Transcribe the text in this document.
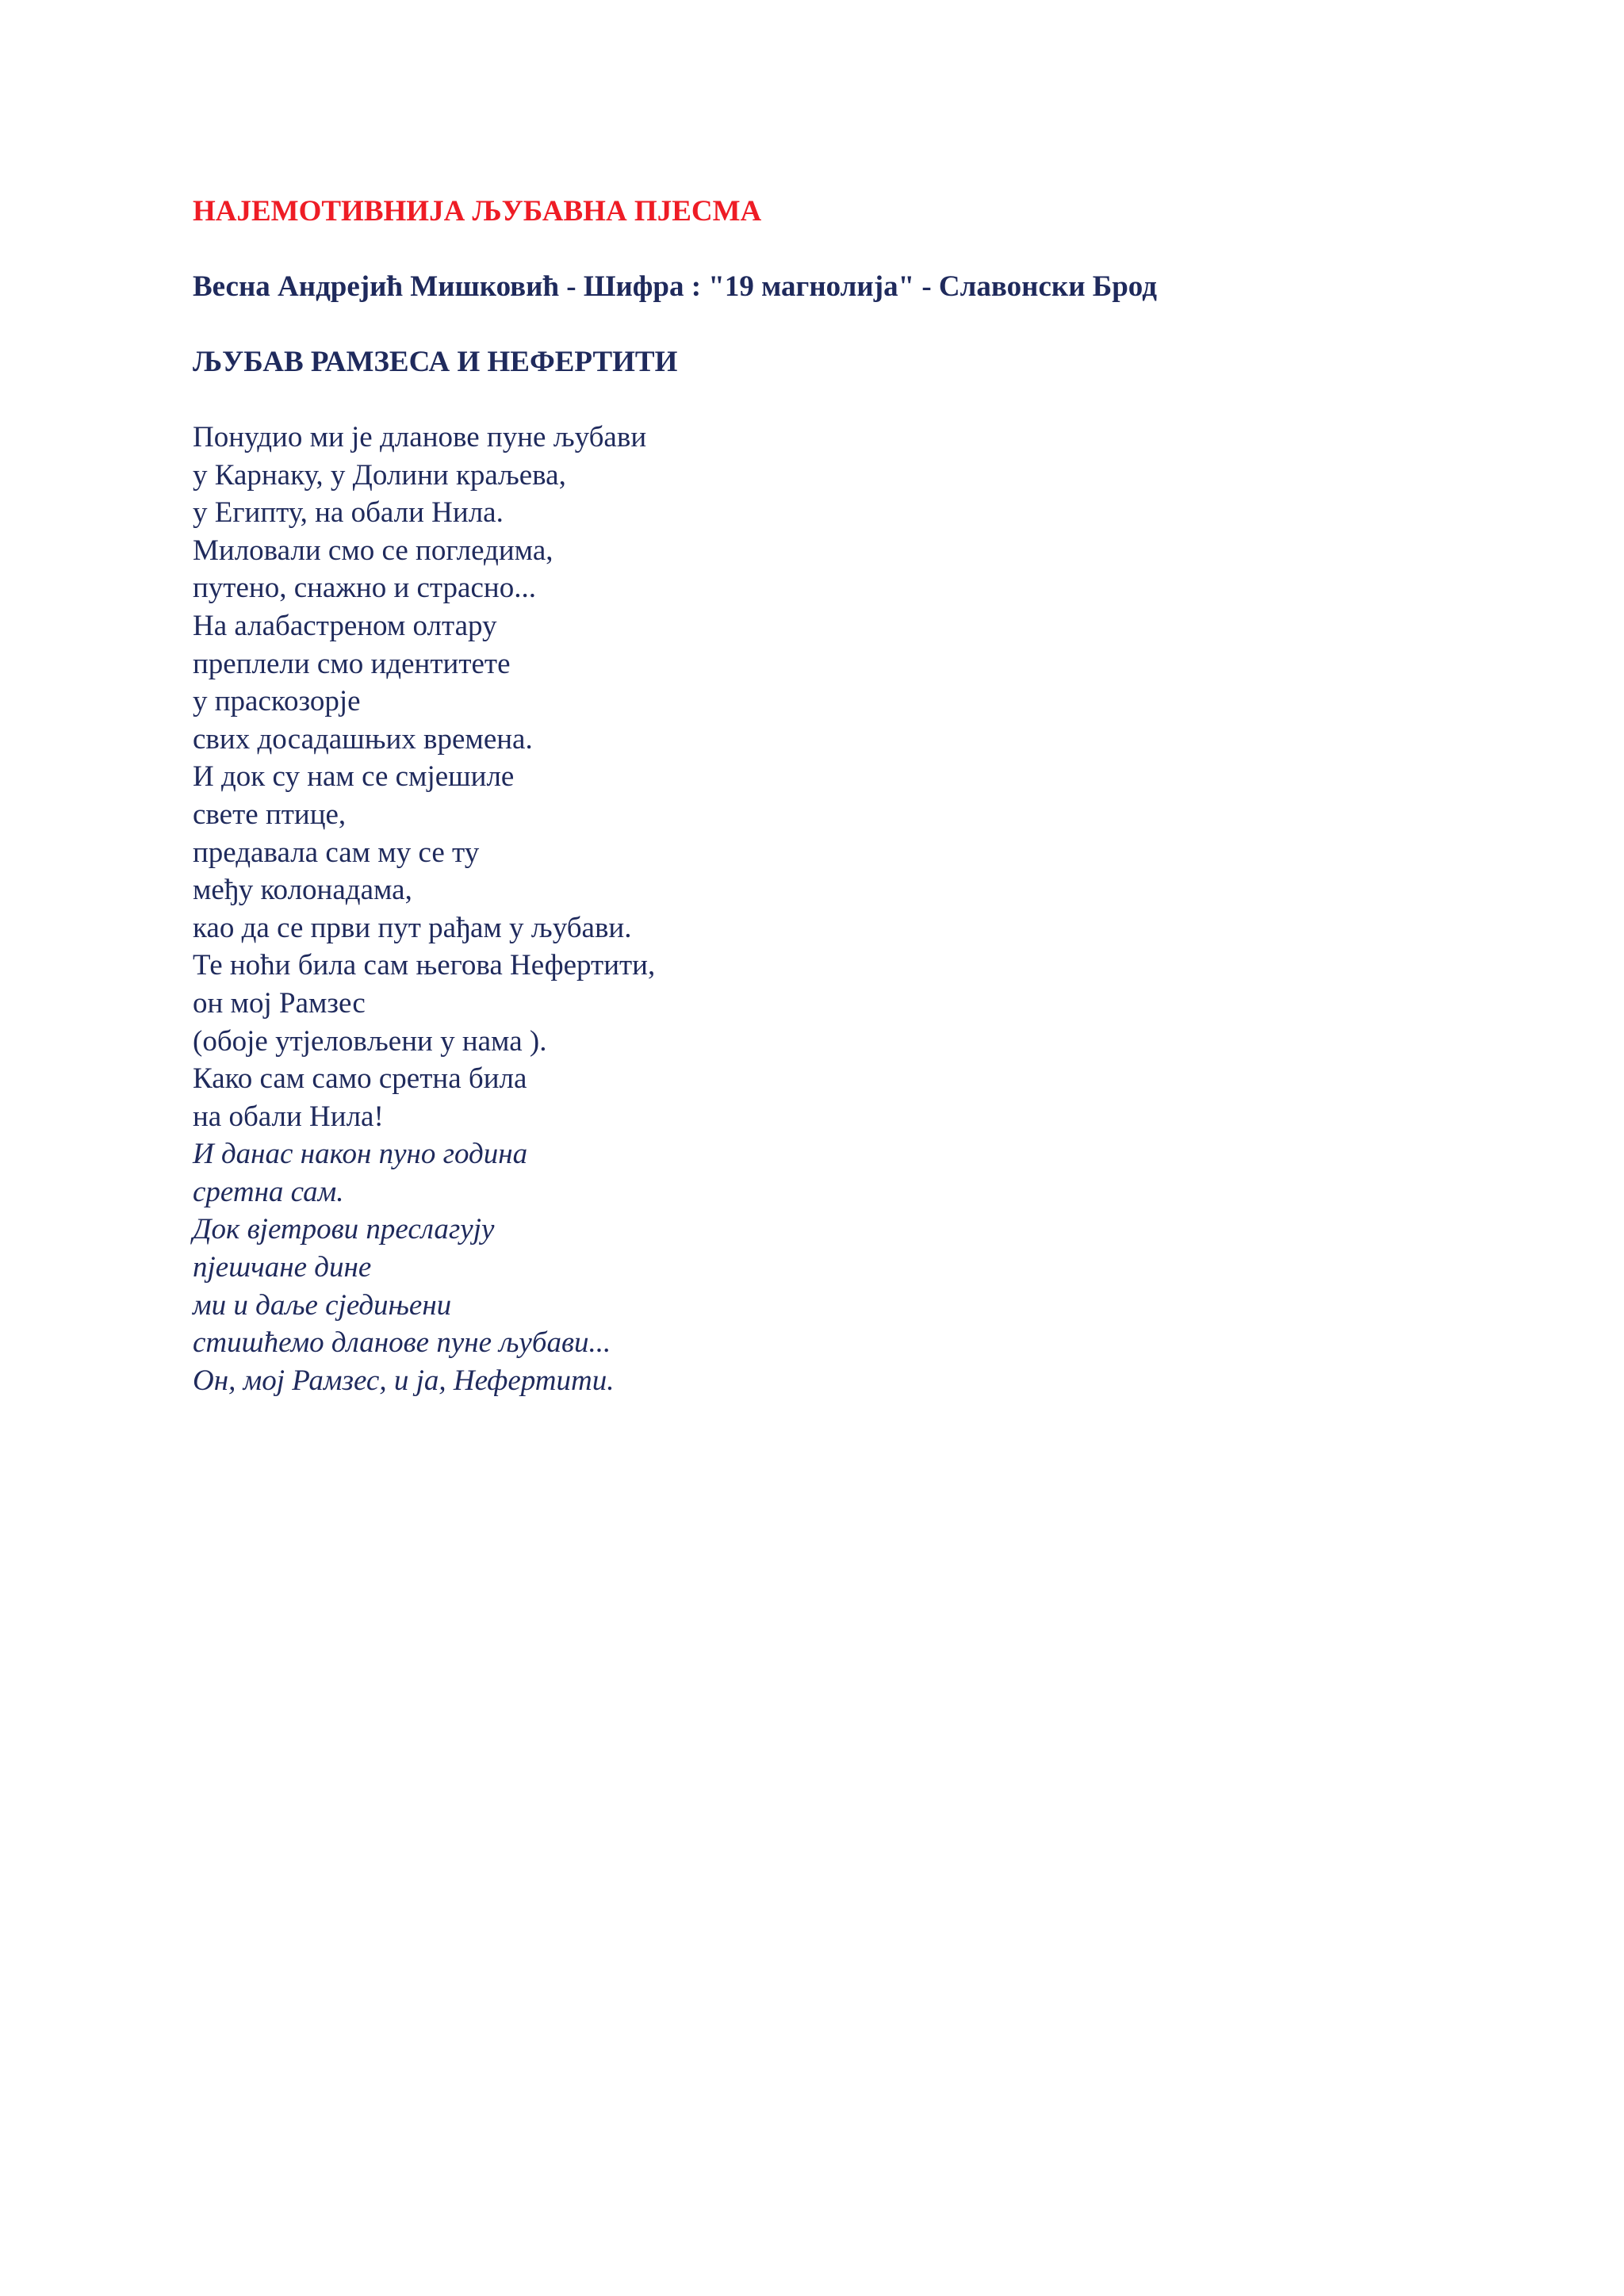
НАЈЕМОТИВНИЈА ЉУБАВНА ПЈЕСМА

Весна Андрејић Мишковић - Шифра : "19 магнолија" - Славонски Брод

ЉУБАВ РАМЗЕСА И НЕФЕРТИТИ

Понудио ми је дланове пуне љубави
у Карнаку, у Долини краљева,
у Египту, на обали Нила.
Миловали смо се погледима,
путено, снажно и страсно...
На алабастреном олтару
преплели смо идентитете
у праскозорје
свих досадашњих времена.
И док су нам се смјешиле
свете птице,
предавала сам му се ту
међу колонадама,
као да се први пут рађам у љубави.
Те ноћи била сам његова Нефертити,
он мој Рамзес
(обоје утјеловљени у нама ).
Како сам само сретна била
на обали Нила!
И данас након пуно година
сретна сам.
Док вјетрови преслагују
пјешчане дине
ми и даље сједињени
стишћемо дланове пуне љубави...
Он, мој Рамзес, и ја, Нефертити.
